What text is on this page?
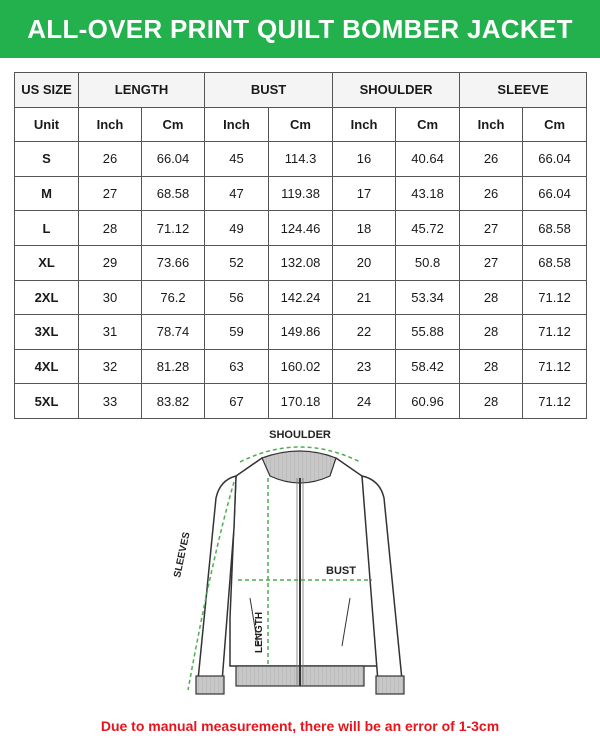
ALL-OVER PRINT QUILT BOMBER JACKET
US SIZE	LENGTH		BUST		SHOULDER		SLEEVE	
Unit	Inch	Cm	Inch	Cm	Inch	Cm	Inch	Cm
S	26	66.04	45	114.3	16	40.64	26	66.04
M	27	68.58	47	119.38	17	43.18	26	66.04
L	28	71.12	49	124.46	18	45.72	27	68.58
XL	29	73.66	52	132.08	20	50.8	27	68.58
2XL	30	76.2	56	142.24	21	53.34	28	71.12
3XL	31	78.74	59	149.86	22	55.88	28	71.12
4XL	32	81.28	63	160.02	23	58.42	28	71.12
5XL	33	83.82	67	170.18	24	60.96	28	71.12
SHOULDER
BUST
LENGTH
SLEEVES
Due to manual measurement, there will be an error of 1-3cm
